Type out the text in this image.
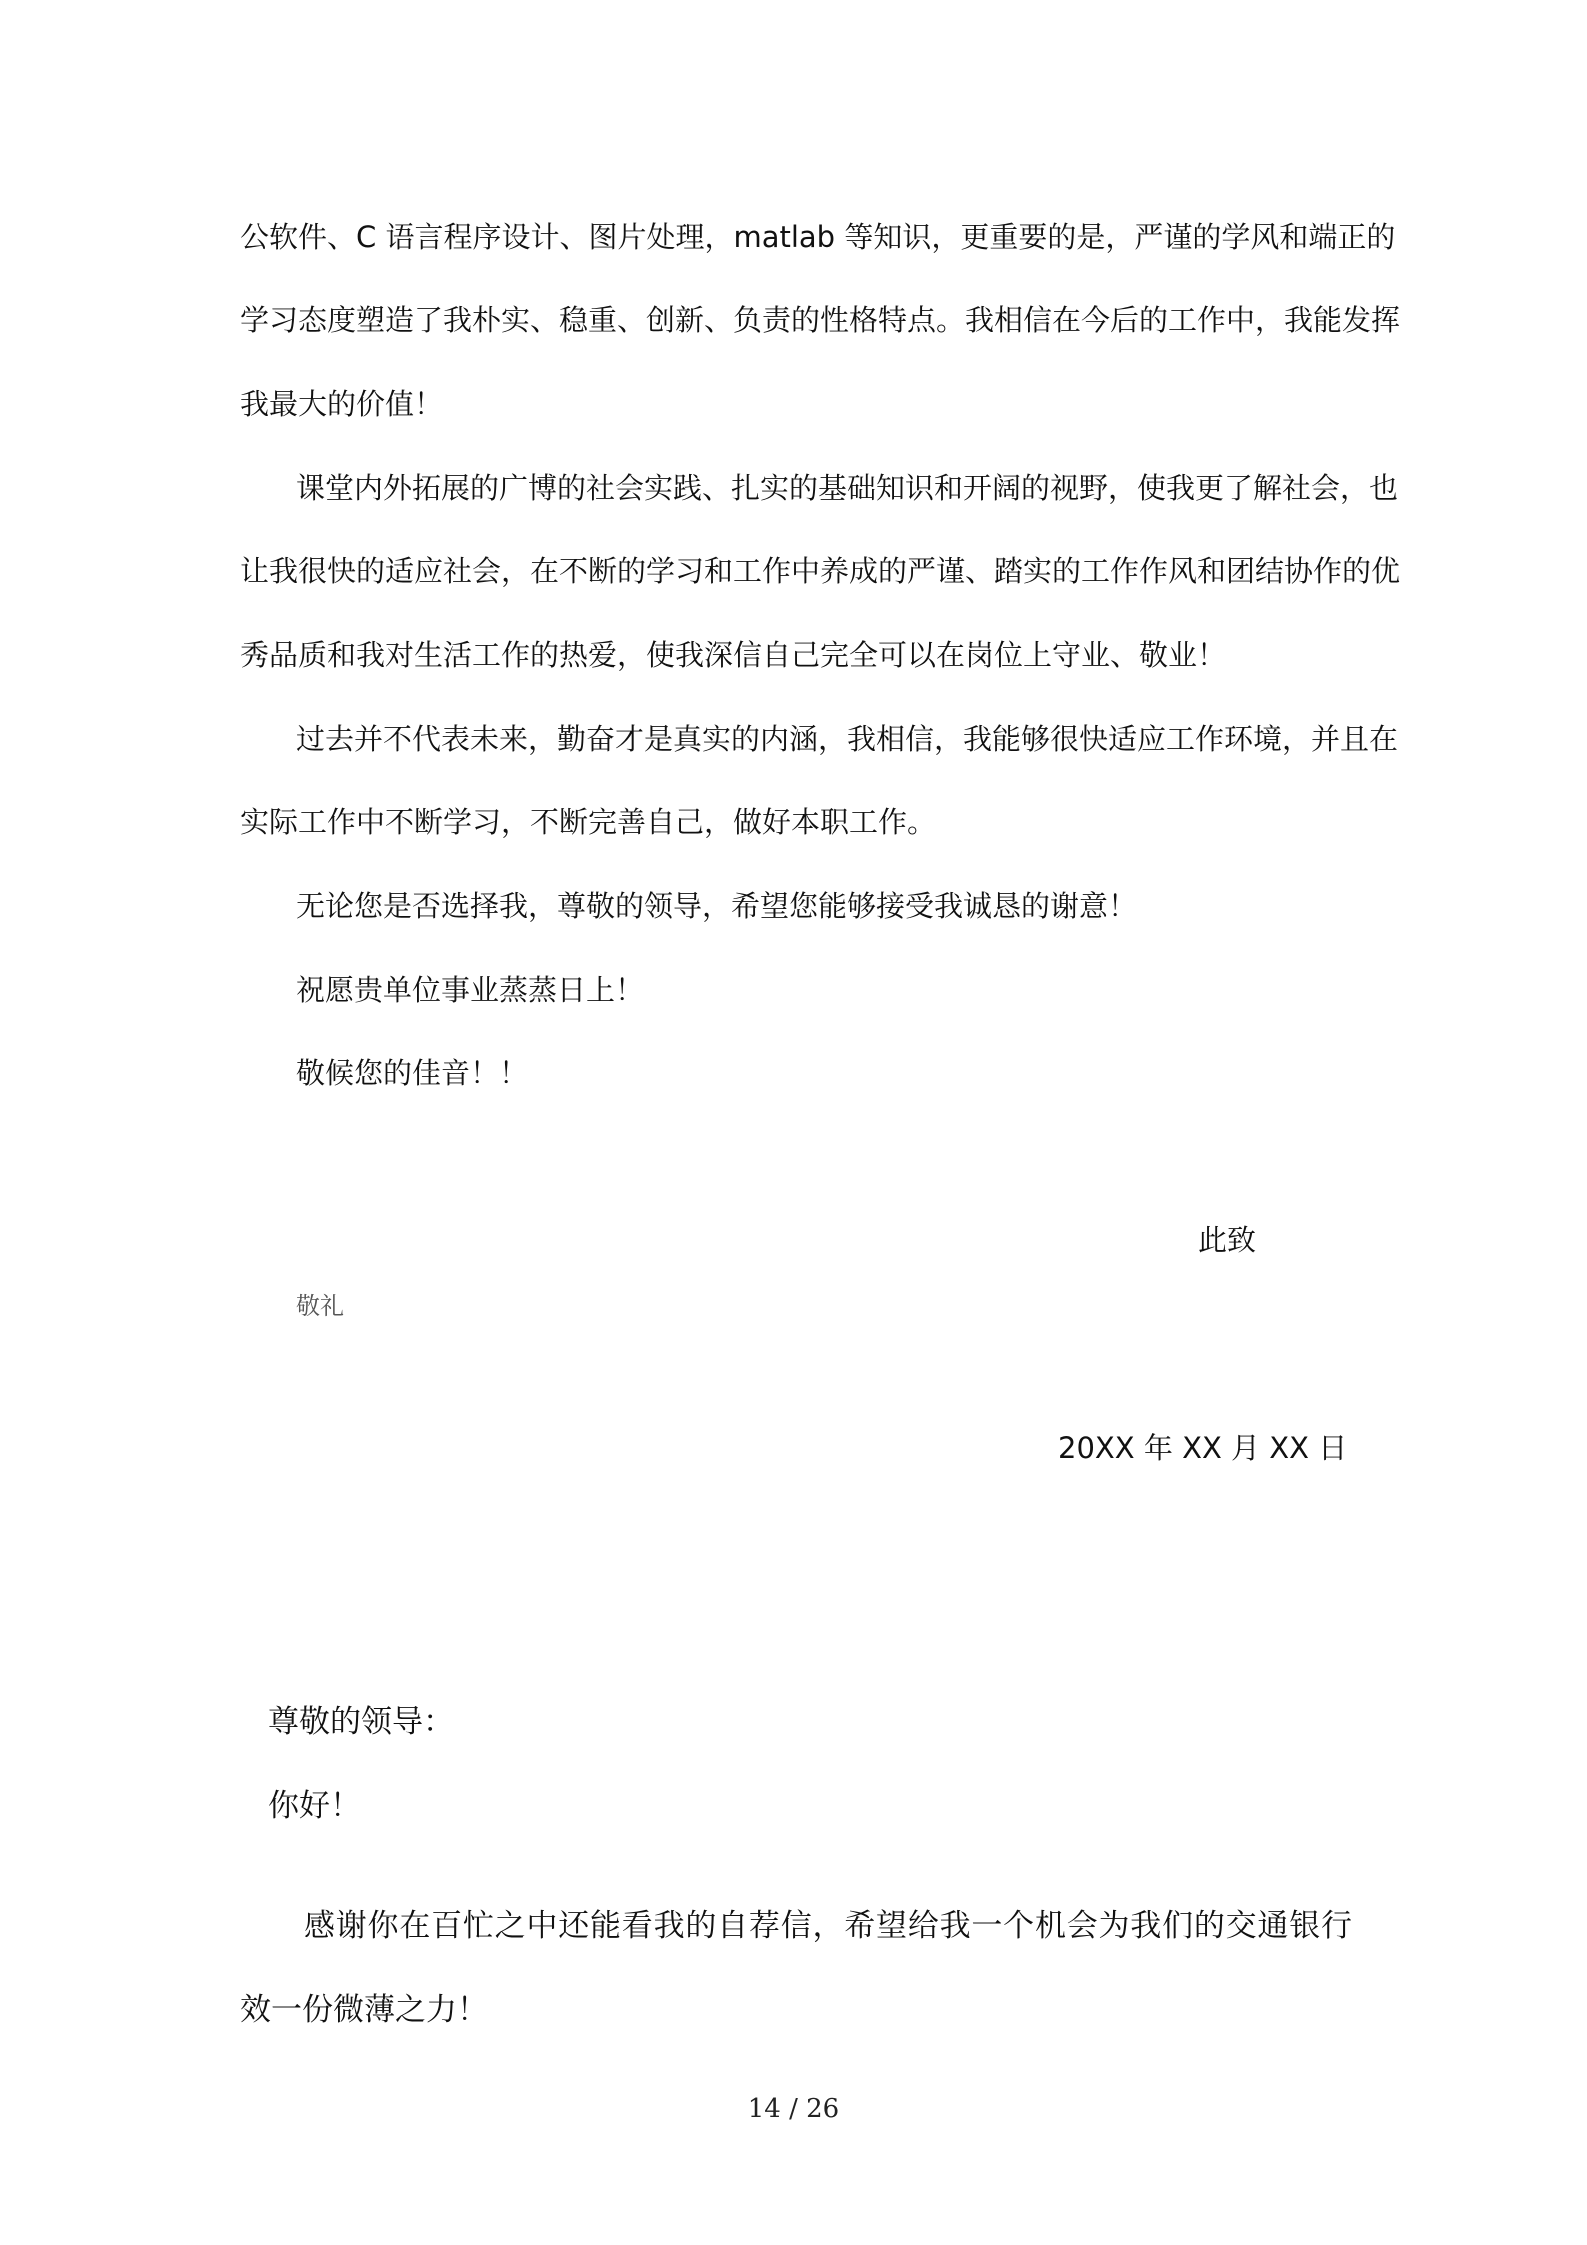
公软件、C 语言程序设计、图片处理，matlab 等知识，更重要的是，严谨的学风和端正的
学习态度塑造了我朴实、稳重、创新、负责的性格特点。我相信在今后的工作中，我能发挥
我最大的价值！
课堂内外拓展的广博的社会实践、扎实的基础知识和开阔的视野，使我更了解社会，也
让我很快的适应社会，在不断的学习和工作中养成的严谨、踏实的工作作风和团结协作的优
秀品质和我对生活工作的热爱，使我深信自己完全可以在岗位上守业、敬业！
过去并不代表未来，勤奋才是真实的内涵，我相信，我能够很快适应工作环境，并且在
实际工作中不断学习，不断完善自己，做好本职工作。
无论您是否选择我，尊敬的领导，希望您能够接受我诚恳的谢意！
祝愿贵单位事业蒸蒸日上！
敬候您的佳音！！
此致
敬礼
20XX 年 XX 月 XX 日
尊敬的领导：
你好！
感谢你在百忙之中还能看我的自荐信，希望给我一个机会为我们的交通银行
效一份微薄之力！
14 / 26
